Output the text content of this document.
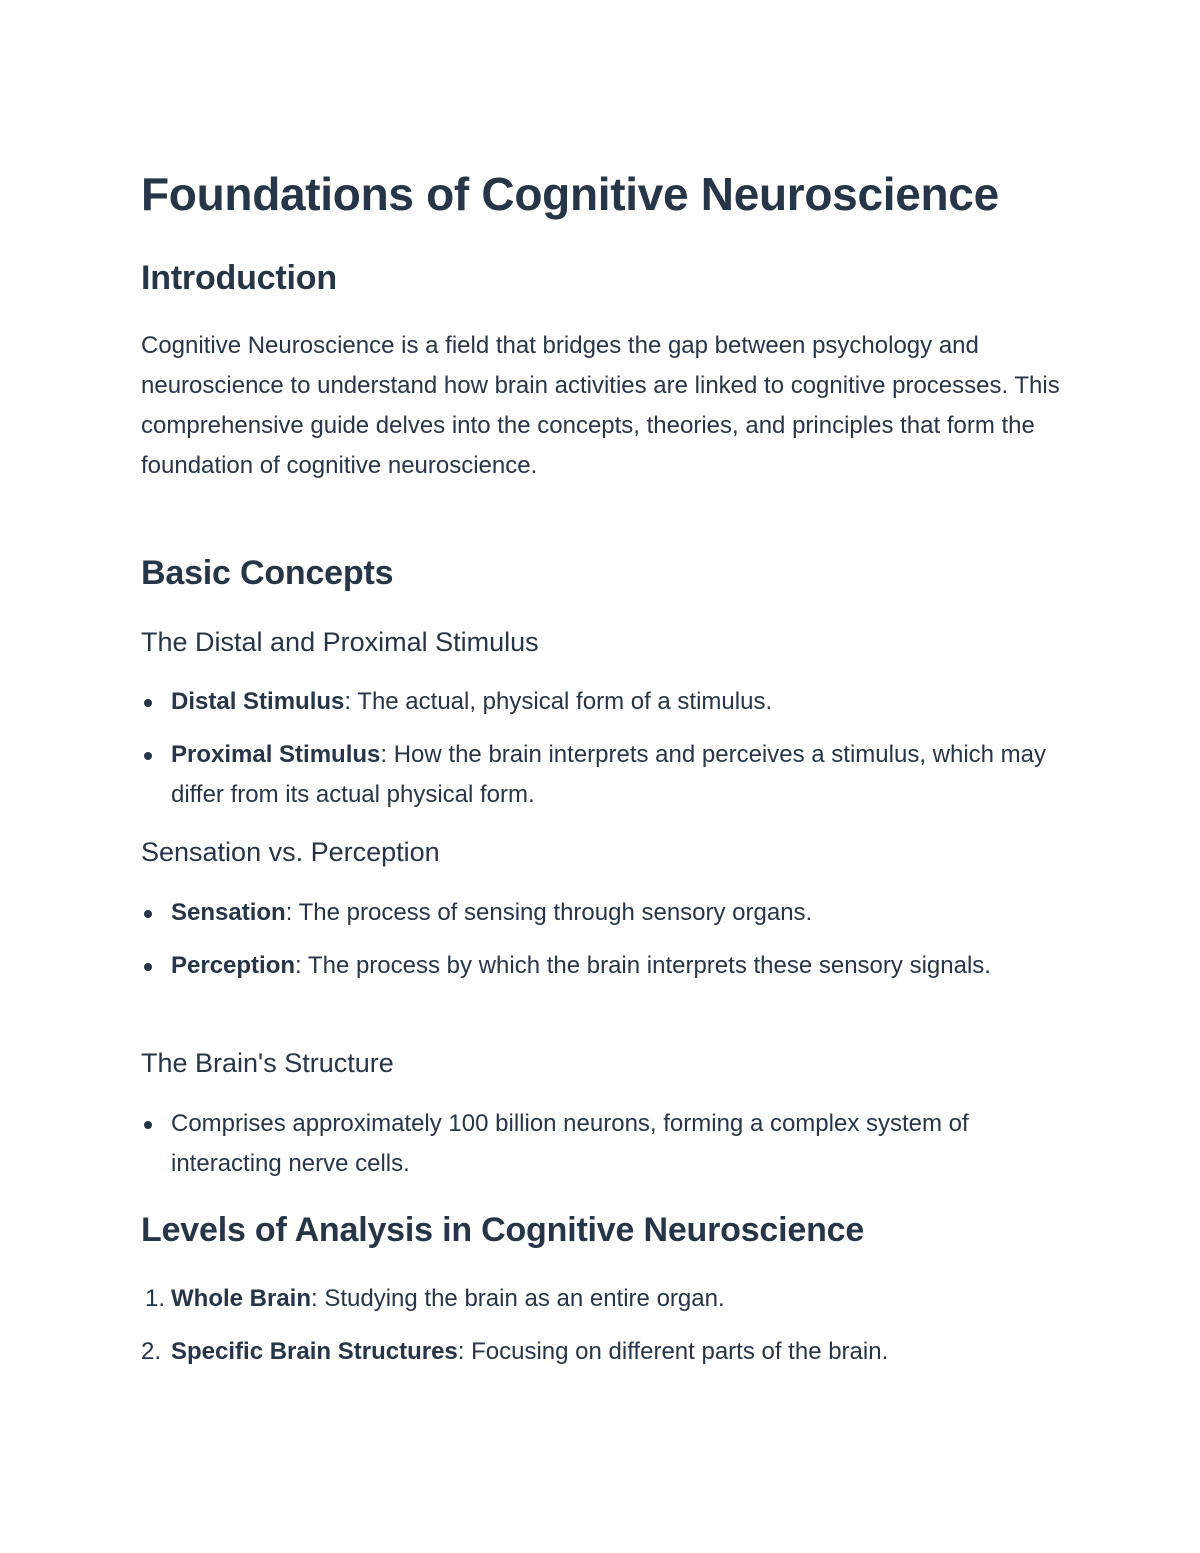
Foundations of Cognitive Neuroscience
Introduction

Cognitive Neuroscience is a field that bridges the gap between psychology and neuroscience to understand how brain activities are linked to cognitive processes. This comprehensive guide delves into the concepts, theories, and principles that form the foundation of cognitive neuroscience.

Basic Concepts
The Distal and Proximal Stimulus
Distal Stimulus: The actual, physical form of a stimulus.
Proximal Stimulus: How the brain interprets and perceives a stimulus, which may differ from its actual physical form.
Sensation vs. Perception
Sensation: The process of sensing through sensory organs.
Perception: The process by which the brain interprets these sensory signals.
The Brain's Structure
Comprises approximately 100 billion neurons, forming a complex system of interacting nerve cells.
Levels of Analysis in Cognitive Neuroscience
1. Whole Brain: Studying the brain as an entire organ.
2. Specific Brain Structures: Focusing on different parts of the brain.
